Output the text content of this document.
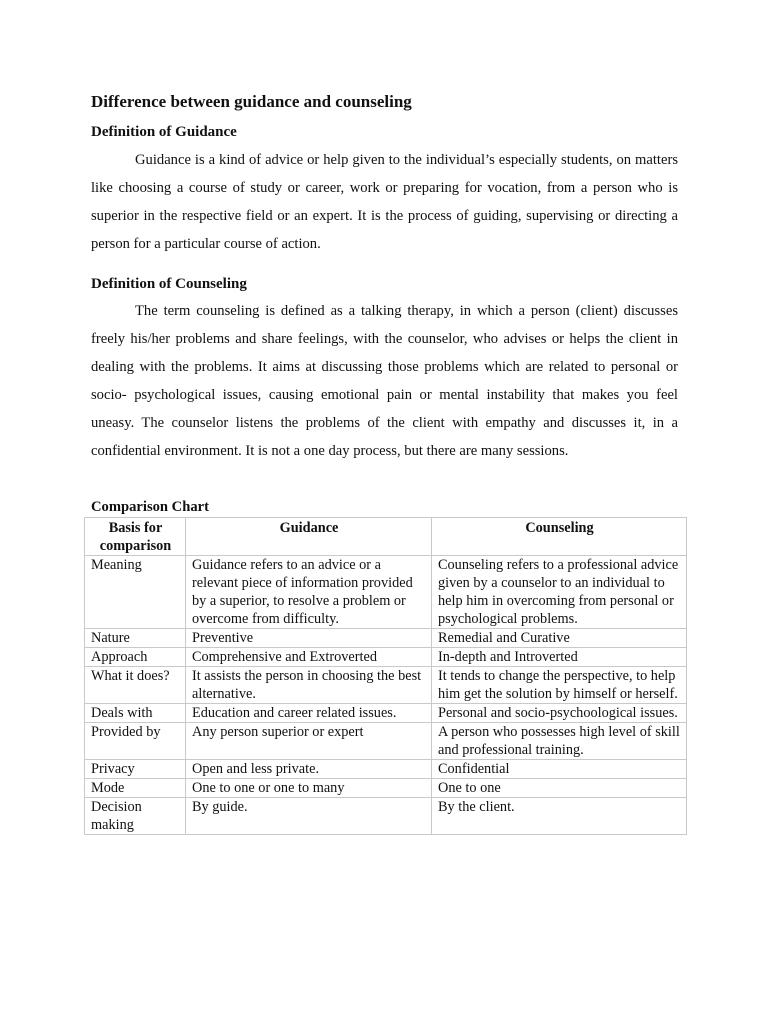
Difference between guidance and counseling
Definition of Guidance
Guidance is a kind of advice or help given to the individual’s especially students, on matters like choosing a course of study or career, work or preparing for vocation, from a person who is superior in the respective field or an expert. It is the process of guiding, supervising or directing a person for a particular course of action.
Definition of Counseling
The term counseling is defined as a talking therapy, in which a person (client) discusses freely his/her problems and share feelings, with the counselor, who advises or helps the client in dealing with the problems. It aims at discussing those problems which are related to personal or socio- psychological issues, causing emotional pain or mental instability that makes you feel uneasy. The counselor listens the problems of the client with empathy and discusses it, in a confidential environment. It is not a one day process, but there are many sessions.
Comparison Chart
Basis for comparison	Guidance	Counseling
Meaning	Guidance refers to an advice or a relevant piece of information provided by a superior, to resolve a problem or overcome from difficulty.	Counseling refers to a professional advice given by a counselor to an individual to help him in overcoming from personal or psychological problems.
Nature	Preventive	Remedial and Curative
Approach	Comprehensive and Extroverted	In-depth and Introverted
What it does?	It assists the person in choosing the best alternative.	It tends to change the perspective, to help him get the solution by himself or herself.
Deals with	Education and career related issues.	Personal and socio-psychoological issues.
Provided by	Any person superior or expert	A person who possesses high level of skill and professional training.
Privacy	Open and less private.	Confidential
Mode	One to one or one to many	One to one
Decision making	By guide.	By the client.
